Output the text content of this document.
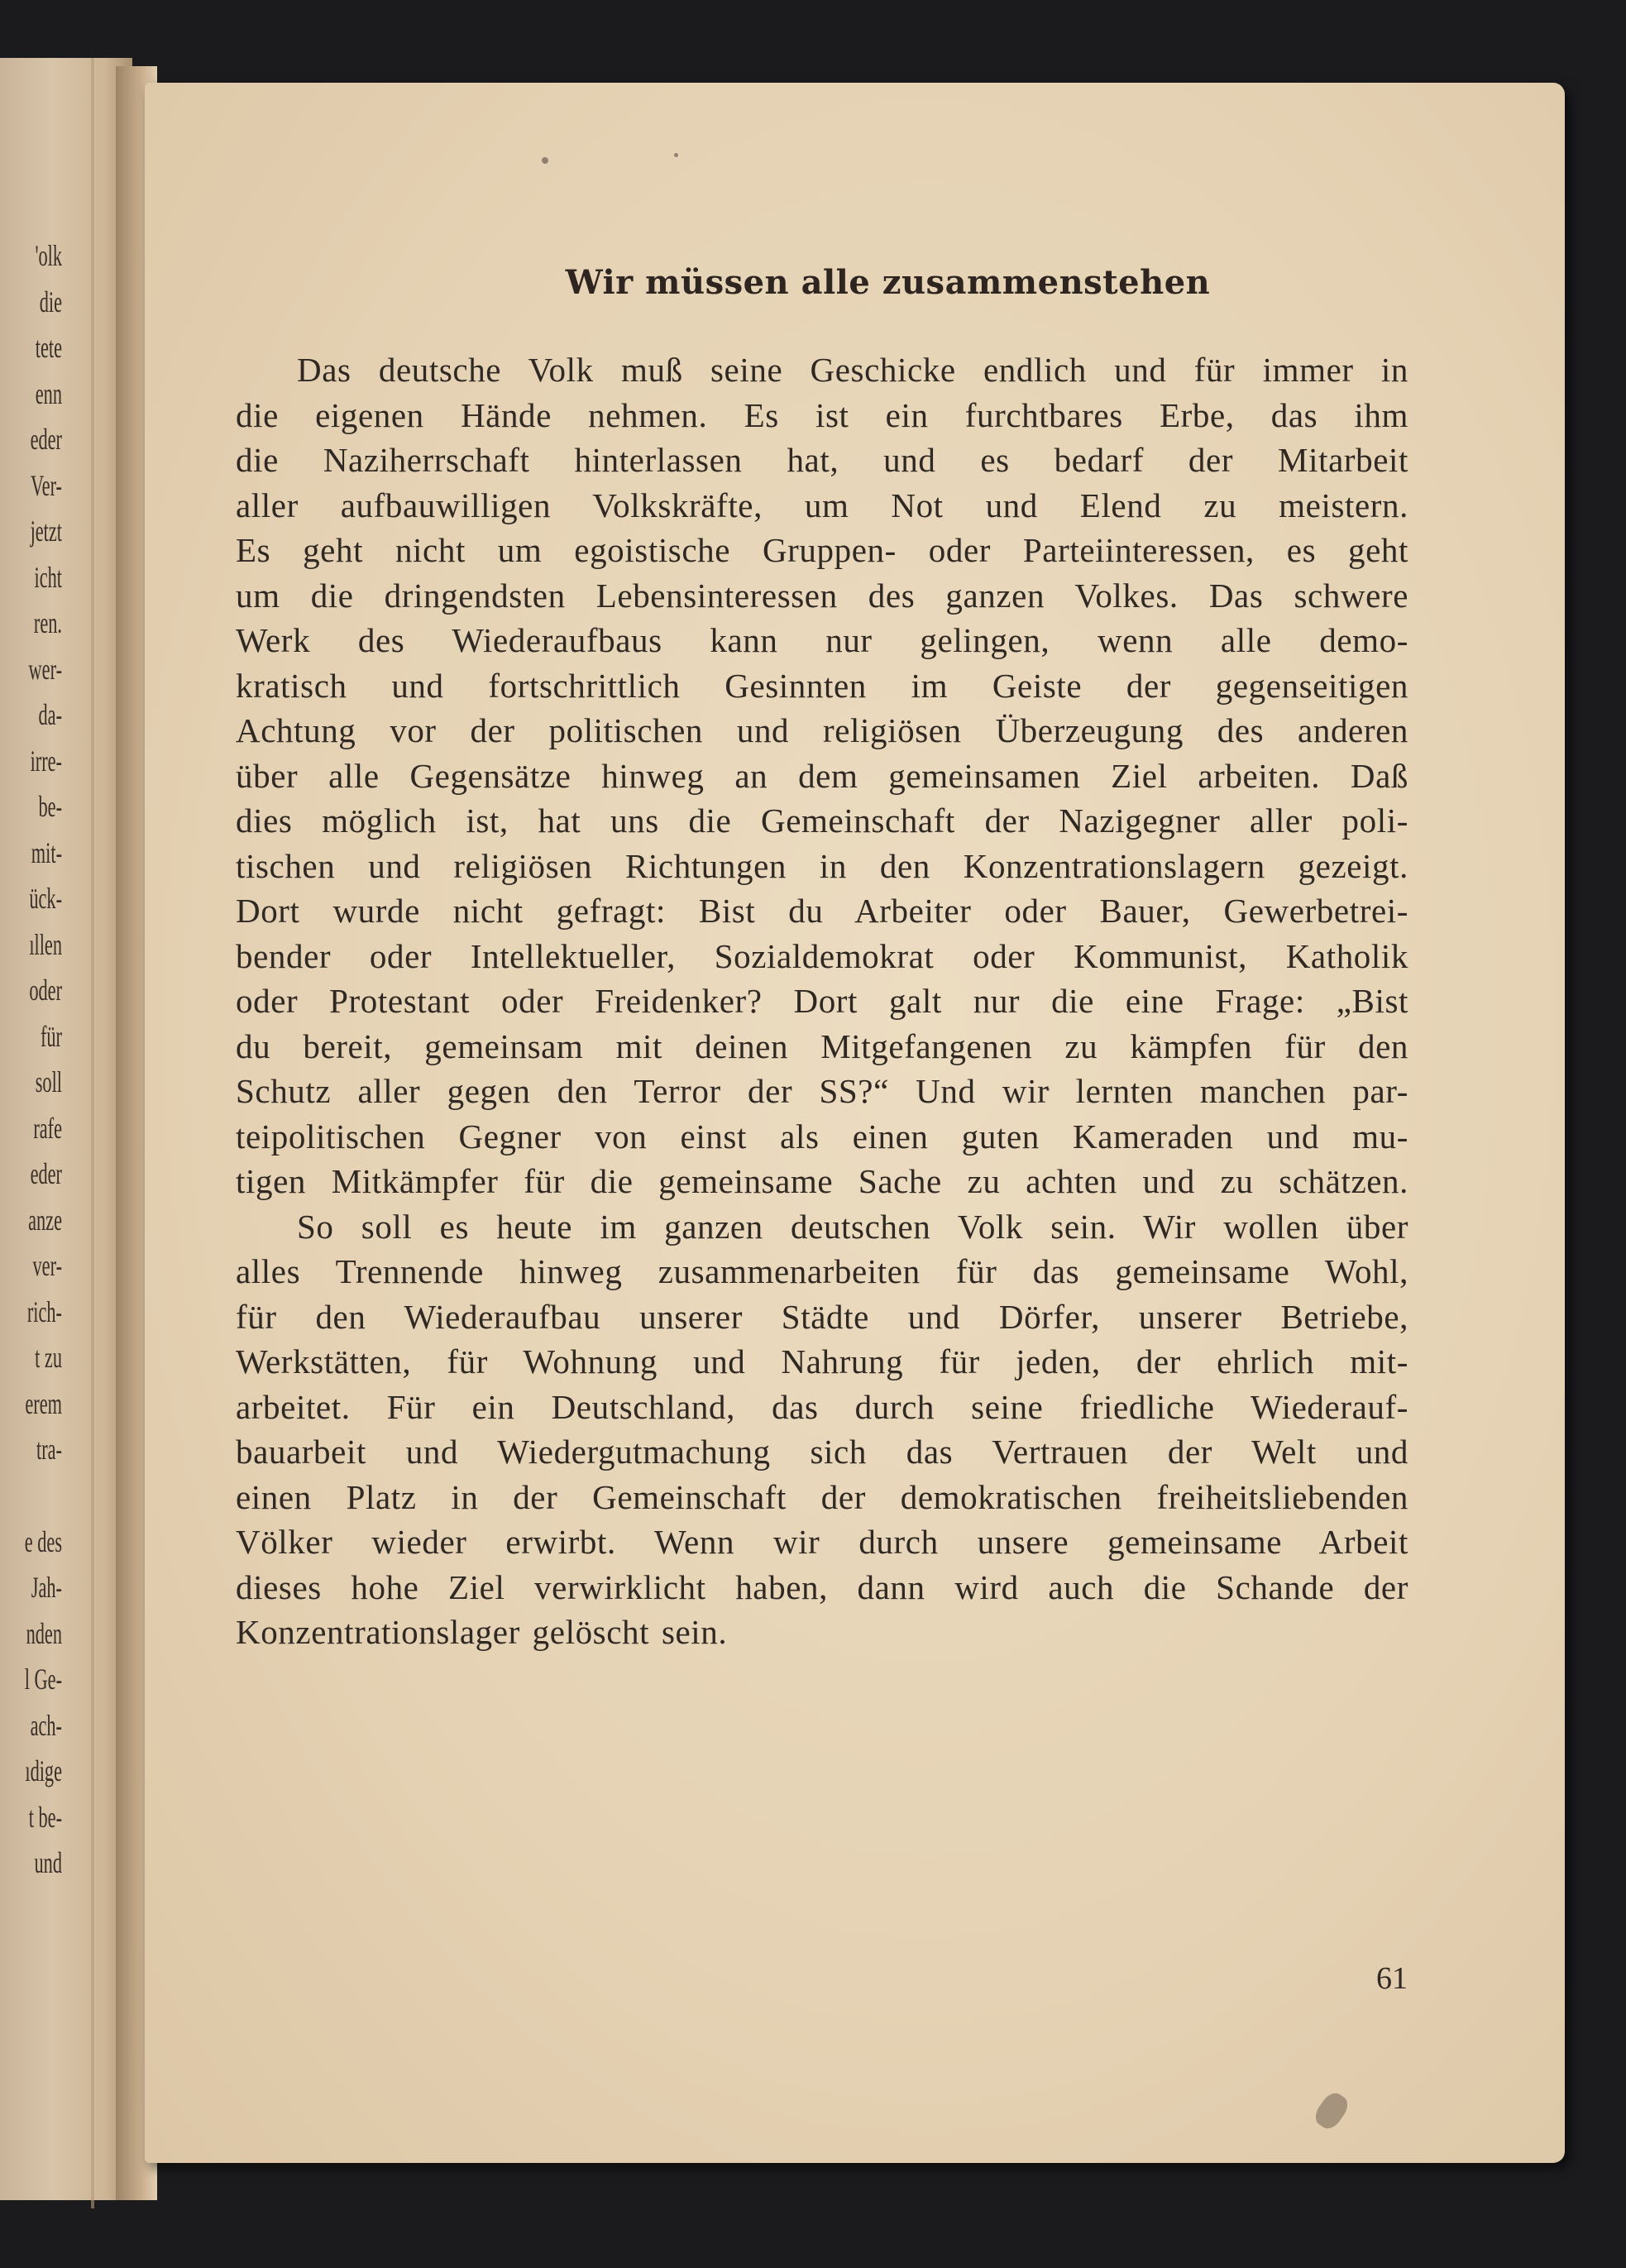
'olk
die
tete
enn
eder
Ver-
jetzt
icht
ren.
wer-
da-
irre-
be-
mit-
ück-
ıllen
oder
für
soll
rafe
eder
anze
ver-
rich-
t zu
erem
tra-
e des
Jah-
nden
l Ge-
ach-
ıdige
t be-
und
Wir müssen alle zusammenstehen
Das deutsche Volk muß seine Geschicke endlich und für immer in
die eigenen Hände nehmen. Es ist ein furchtbares Erbe, das ihm
die Naziherrschaft hinterlassen hat, und es bedarf der Mitarbeit
aller aufbauwilligen Volkskräfte, um Not und Elend zu meistern.
Es geht nicht um egoistische Gruppen- oder Parteiinteressen, es geht
um die dringendsten Lebensinteressen des ganzen Volkes. Das schwere
Werk des Wiederaufbaus kann nur gelingen, wenn alle demo-
kratisch und fortschrittlich Gesinnten im Geiste der gegenseitigen
Achtung vor der politischen und religiösen Überzeugung des anderen
über alle Gegensätze hinweg an dem gemeinsamen Ziel arbeiten. Daß
dies möglich ist, hat uns die Gemeinschaft der Nazigegner aller poli-
tischen und religiösen Richtungen in den Konzentrationslagern gezeigt.
Dort wurde nicht gefragt: Bist du Arbeiter oder Bauer, Gewerbetrei-
bender oder Intellektueller, Sozialdemokrat oder Kommunist, Katholik
oder Protestant oder Freidenker? Dort galt nur die eine Frage: „Bist
du bereit, gemeinsam mit deinen Mitgefangenen zu kämpfen für den
Schutz aller gegen den Terror der SS?“ Und wir lernten manchen par-
teipolitischen Gegner von einst als einen guten Kameraden und mu-
tigen Mitkämpfer für die gemeinsame Sache zu achten und zu schätzen.
So soll es heute im ganzen deutschen Volk sein. Wir wollen über
alles Trennende hinweg zusammenarbeiten für das gemeinsame Wohl,
für den Wiederaufbau unserer Städte und Dörfer, unserer Betriebe,
Werkstätten, für Wohnung und Nahrung für jeden, der ehrlich mit-
arbeitet. Für ein Deutschland, das durch seine friedliche Wiederauf-
bauarbeit und Wiedergutmachung sich das Vertrauen der Welt und
einen Platz in der Gemeinschaft der demokratischen freiheitsliebenden
Völker wieder erwirbt. Wenn wir durch unsere gemeinsame Arbeit
dieses hohe Ziel verwirklicht haben, dann wird auch die Schande der
Konzentrationslager gelöscht sein.
61
